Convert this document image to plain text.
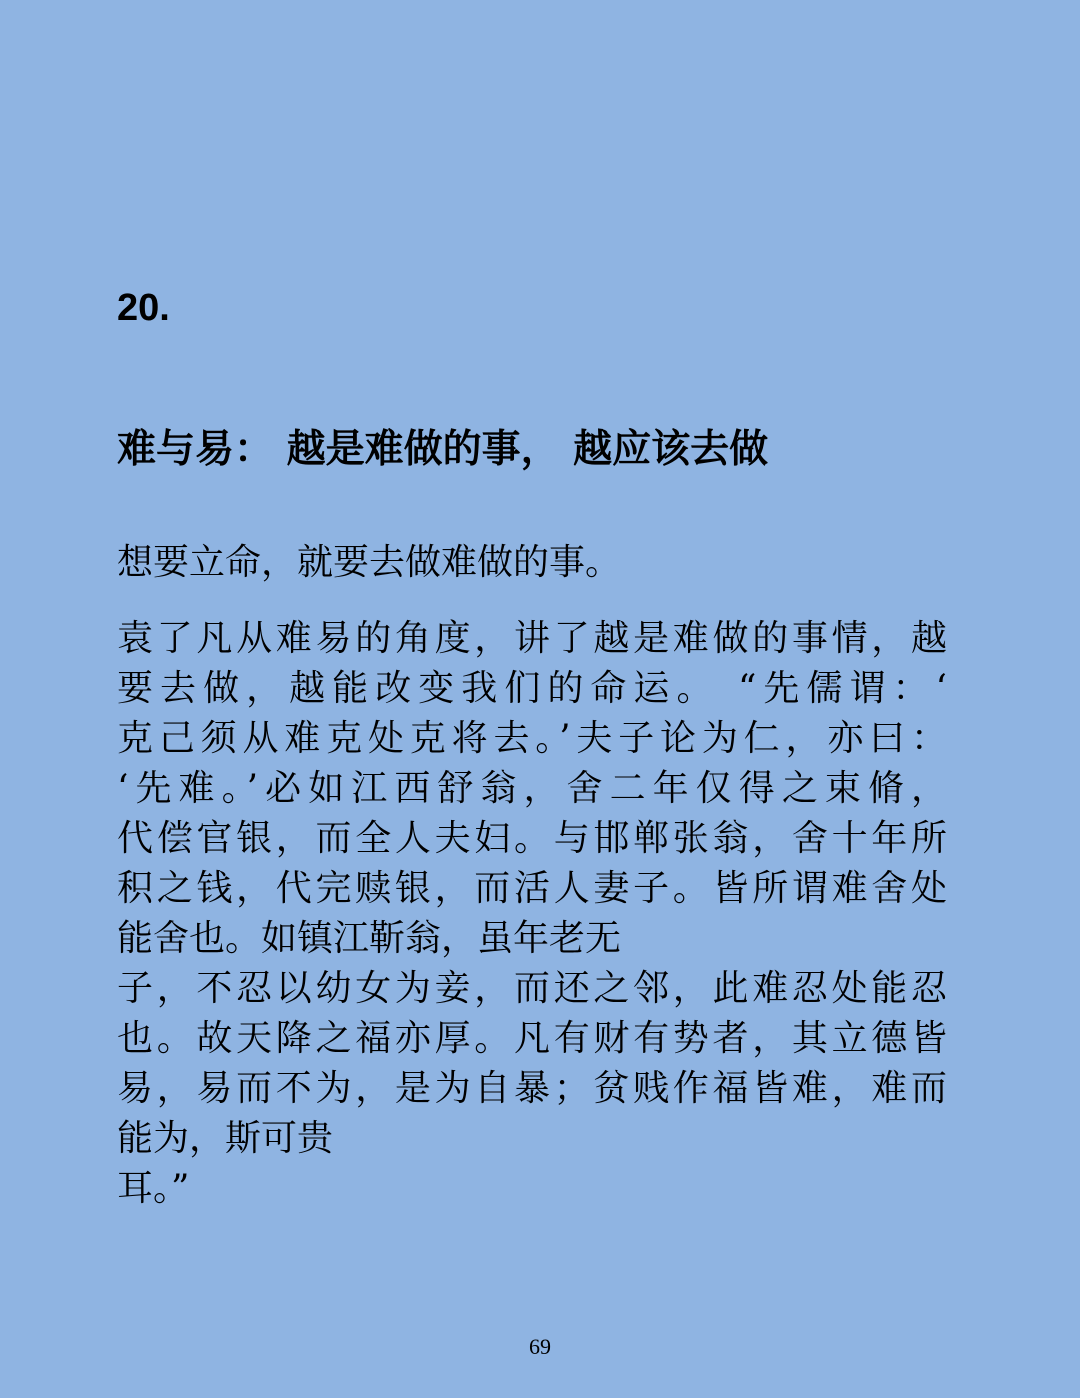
20.
难与易： 越是难做的事， 越应该去做
想要立命，就要去做难做的事。
袁了凡从难易的角度，讲了越是难做的事情，越
要去做，越能改变我们的命运。 “先儒谓：‘
克己须从难克处克将去。’夫子论为仁，亦曰：
‘先难。’必如江西舒翁，舍二年仅得之束脩，
代偿官银，而全人夫妇。与邯郸张翁，舍十年所
积之钱，代完赎银，而活人妻子。皆所谓难舍处
能舍也。如镇江靳翁，虽年老无
子，不忍以幼女为妾，而还之邻，此难忍处能忍
也。故天降之福亦厚。凡有财有势者，其立德皆
易，易而不为，是为自暴；贫贱作福皆难，难而
能为，斯可贵
耳。”
69
